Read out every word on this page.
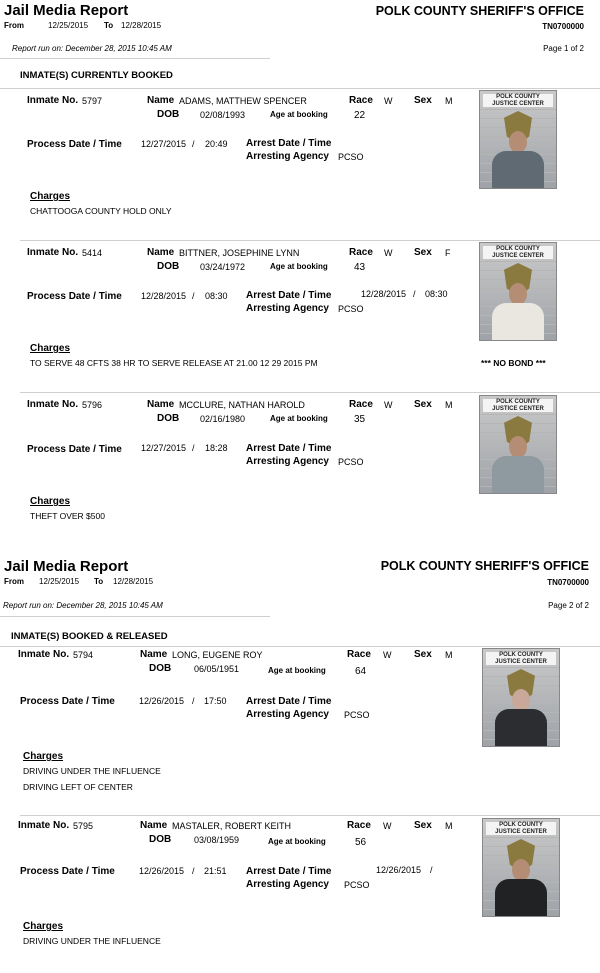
Jail Media Report	POLK COUNTY SHERIFF'S OFFICE
From	12/25/2015 To 12/28/2015	TN0700000
Report run on: December 28, 2015 10:45 AM	Page 1 of 2
INMATE(S) CURRENTLY BOOKED
Inmate No. 5797	Name ADAMS, MATTHEW SPENCER	Race W Sex M
DOB 02/08/1993	Age at booking	22
Process Date / Time 12/27/2015 / 20:49 Arrest Date / Time
Arresting Agency PCSO
Charges
CHATTOOGA COUNTY HOLD ONLY
POLK COUNTY
JUSTICE CENTER
Inmate No. 5414	Name BITTNER, JOSEPHINE LYNN	Race W Sex F
DOB 03/24/1972	Age at booking	43
Process Date / Time 12/28/2015 / 08:30 Arrest Date / Time	12/28/2015 / 08:30
Arresting Agency PCSO
Charges
TO SERVE 48 CFTS 38 HR TO SERVE RELEASE AT 21.00 12 29 2015 PM	*** NO BOND ***
POLK COUNTY
JUSTICE CENTER
Inmate No. 5796	Name MCCLURE, NATHAN HAROLD	Race W Sex M
DOB 02/16/1980	Age at booking	35
Process Date / Time 12/27/2015 / 18:28 Arrest Date / Time
Arresting Agency PCSO
Charges
THEFT OVER $500
POLK COUNTY
JUSTICE CENTER
Jail Media Report	POLK COUNTY SHERIFF'S OFFICE
From 12/25/2015 To 12/28/2015	TN0700000
Report run on: December 28, 2015 10:45 AM	Page 2 of 2
INMATE(S) BOOKED & RELEASED
Inmate No. 5794	Name LONG, EUGENE ROY	Race W Sex M
DOB	06/05/1951	Age at booking	64
Process Date / Time	12/26/2015 / 17:50 Arrest Date / Time
Arresting Agency PCSO
Charges
DRIVING UNDER THE INFLUENCE
DRIVING LEFT OF CENTER
POLK COUNTY
JUSTICE CENTER
Inmate No. 5795	Name MASTALER, ROBERT KEITH	Race W Sex M
DOB	03/08/1959	Age at booking	56
Process Date / Time	12/26/2015 / 21:51 Arrest Date / Time	12/26/2015 /
Arresting Agency PCSO
Charges
DRIVING UNDER THE INFLUENCE
POLK COUNTY
JUSTICE CENTER
